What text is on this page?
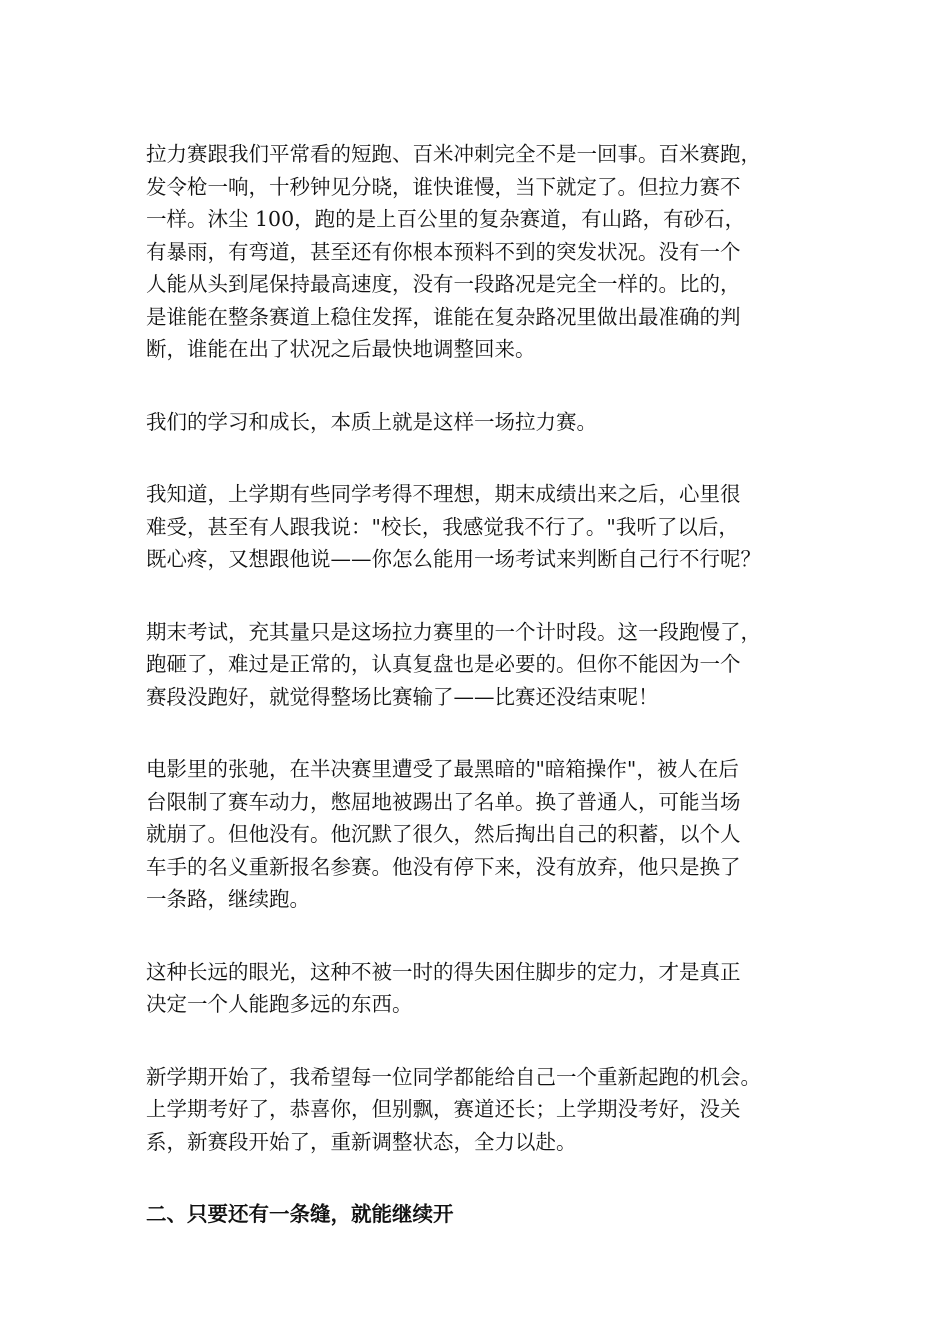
拉力赛跟我们平常看的短跑、百米冲刺完全不是一回事。百米赛跑，
发令枪一响，十秒钟见分晓，谁快谁慢，当下就定了。但拉力赛不
一样。沐尘 100，跑的是上百公里的复杂赛道，有山路，有砂石，
有暴雨，有弯道，甚至还有你根本预料不到的突发状况。没有一个
人能从头到尾保持最高速度，没有一段路况是完全一样的。比的，
是谁能在整条赛道上稳住发挥，谁能在复杂路况里做出最准确的判
断，谁能在出了状况之后最快地调整回来。

我们的学习和成长，本质上就是这样一场拉力赛。

我知道，上学期有些同学考得不理想，期末成绩出来之后，心里很
难受，甚至有人跟我说："校长，我感觉我不行了。"我听了以后，
既心疼，又想跟他说——你怎么能用一场考试来判断自己行不行呢？

期末考试，充其量只是这场拉力赛里的一个计时段。这一段跑慢了，
跑砸了，难过是正常的，认真复盘也是必要的。但你不能因为一个
赛段没跑好，就觉得整场比赛输了——比赛还没结束呢！

电影里的张驰，在半决赛里遭受了最黑暗的"暗箱操作"，被人在后
台限制了赛车动力，憋屈地被踢出了名单。换了普通人，可能当场
就崩了。但他没有。他沉默了很久，然后掏出自己的积蓄，以个人
车手的名义重新报名参赛。他没有停下来，没有放弃，他只是换了
一条路，继续跑。

这种长远的眼光，这种不被一时的得失困住脚步的定力，才是真正
决定一个人能跑多远的东西。

新学期开始了，我希望每一位同学都能给自己一个重新起跑的机会。
上学期考好了，恭喜你，但别飘，赛道还长；上学期没考好，没关
系，新赛段开始了，重新调整状态，全力以赴。

二、只要还有一条缝，就能继续开
